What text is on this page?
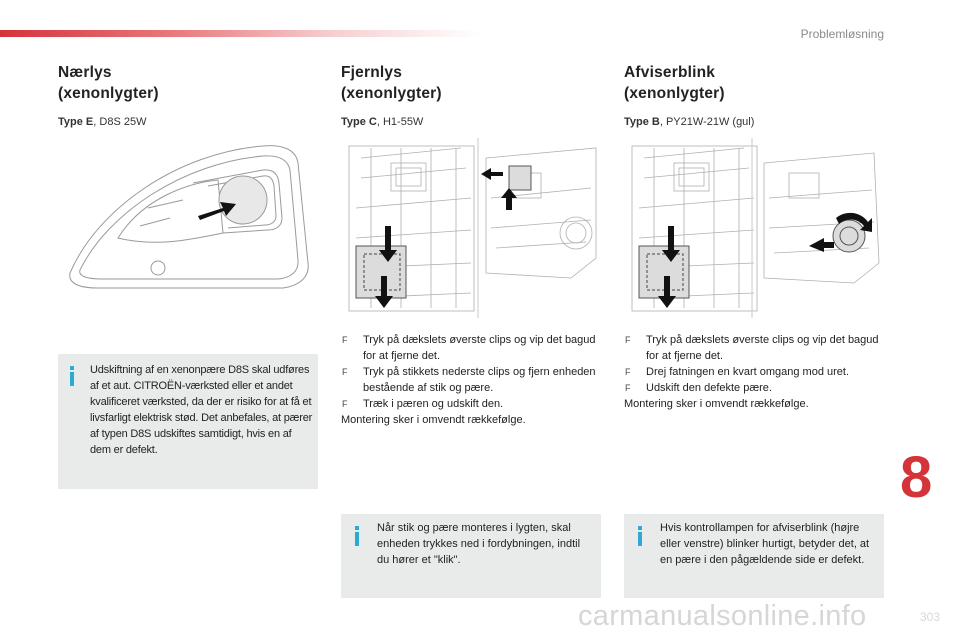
Problemløsning
Nærlys
(xenonlygter)
Type E, D8S 25W
Fjernlys
(xenonlygter)
Type C, H1-55W
Afviserblink
(xenonlygter)
Type B, PY21W-21W (gul)
Udskiftning af en xenonpære D8S skal udføres af et aut. CITROËN-værksted eller et andet kvalificeret værksted, da der er risiko for at få et livsfarligt elektrisk stød. Det anbefales, at pærer af typen D8S udskiftes samtidigt, hvis en af dem er defekt.
F Tryk på dækslets øverste clips og vip det bagud for at fjerne det.
F Tryk på stikkets nederste clips og fjern enheden bestående af stik og pære.
F Træk i pæren og udskift den.
Montering sker i omvendt rækkefølge.
F Tryk på dækslets øverste clips og vip det bagud for at fjerne det.
F Drej fatningen en kvart omgang mod uret.
F Udskift den defekte pære.
Montering sker i omvendt rækkefølge.
Når stik og pære monteres i lygten, skal enheden trykkes ned i fordybningen, indtil du hører et "klik".
Hvis kontrollampen for afviserblink (højre eller venstre) blinker hurtigt, betyder det, at en pære i den pågældende side er defekt.
8
carmanualsonline.info	303
